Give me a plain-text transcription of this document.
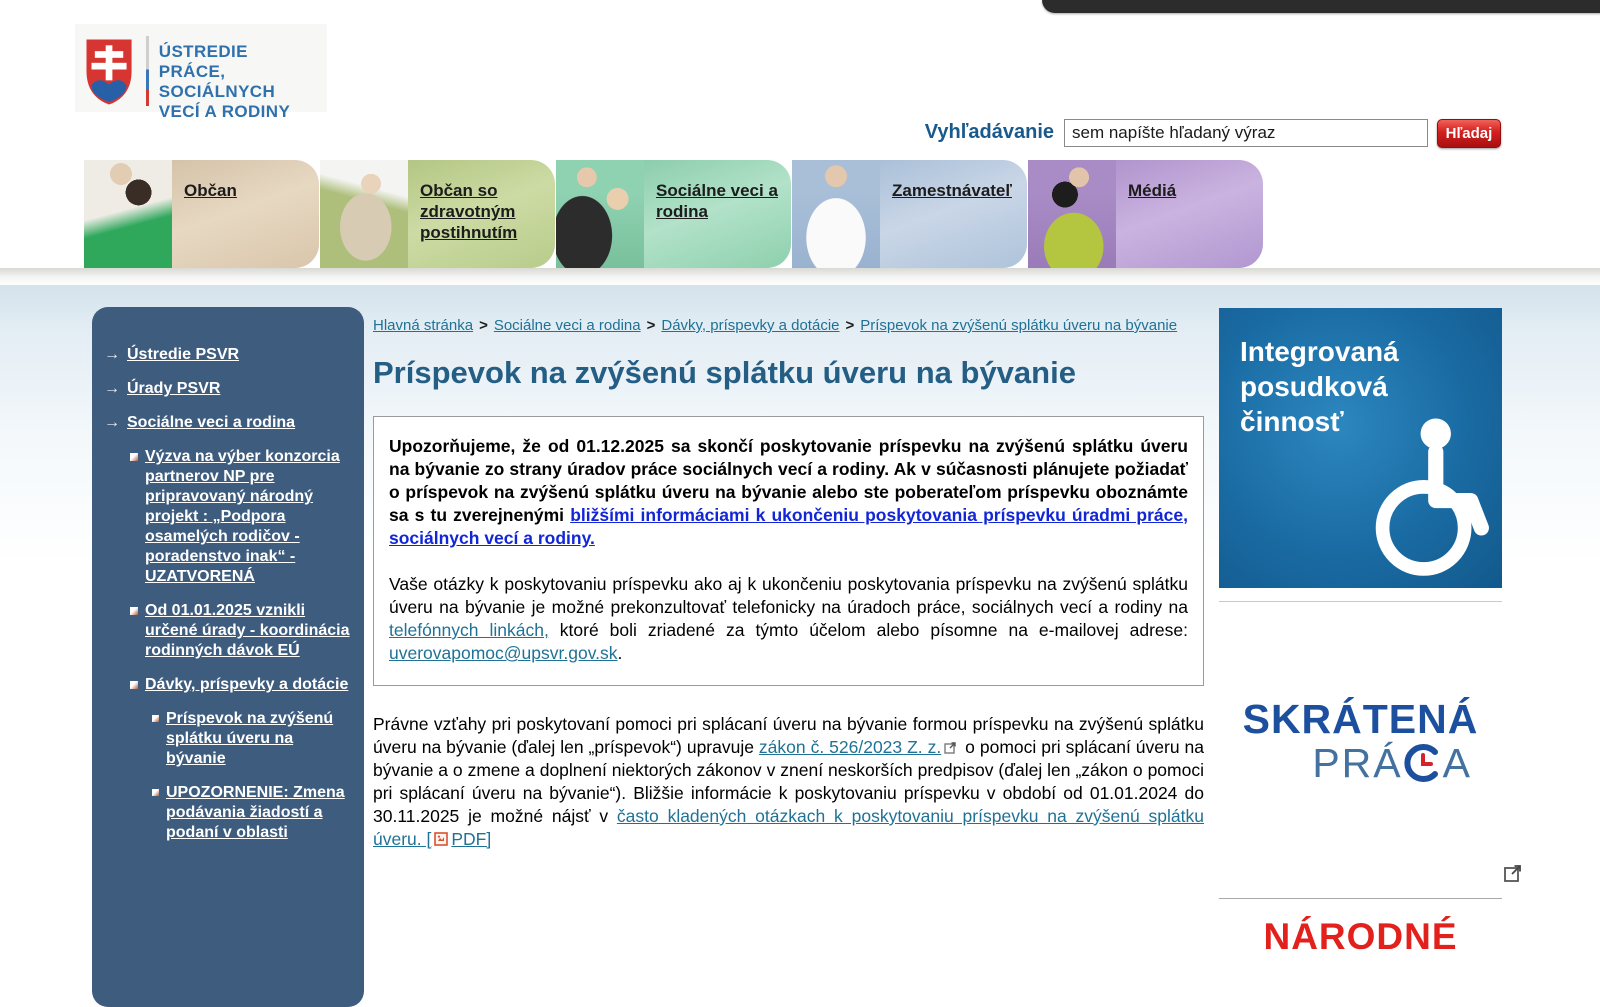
ÚSTREDIE
PRÁCE, SOCIÁLNYCH
VECÍ A RODINY
Vyhľadávanie
sem napíšte hľadaný výraz	Hľadaj
Občan	Občan so zdravotným postihnutím
Sociálne veci a rodina
Zamestnávateľ	Médiá
→ Ústredie PSVR
→ Úrady PSVR
→ Sociálne veci a rodina
Výzva na výber konzorcia partnerov NP pre pripravovaný národný projekt : „Podpora osamelých rodičov - poradenstvo inak“ - UZATVORENÁ
Od 01.01.2025 vznikli určené úrady - koordinácia rodinných dávok EÚ
Dávky, príspevky a dotácie
Príspevok na zvýšenú splátku úveru na bývanie
UPOZORNENIE: Zmena podávania žiadostí a podaní v oblasti
Hlavná stránka > Sociálne veci a rodina > Dávky, príspevky a dotácie > Príspevok na zvýšenú splátku úveru na bývanie
Príspevok na zvýšenú splátku úveru na bývanie

Upozorňujeme, že od 01.12.2025 sa skončí poskytovanie príspevku na zvýšenú splátku úveru na bývanie zo strany úradov práce sociálnych vecí a rodiny. Ak v súčasnosti plánujete požiadať o príspevok na zvýšenú splátku úveru na bývanie alebo ste poberateľom príspevku oboznámte sa s tu zverejnenými bližšími informáciami k ukončeniu poskytovania príspevku úradmi práce, sociálnych vecí a rodiny.

Vaše otázky k poskytovaniu príspevku ako aj k ukončeniu poskytovania príspevku na zvýšenú splátku úveru na bývanie je možné prekonzultovať telefonicky na úradoch práce, sociálnych vecí a rodiny na telefónnych linkách, ktoré boli zriadené za týmto účelom alebo písomne na e-mailovej adrese: uverovapomoc@upsvr.gov.sk.

Právne vzťahy pri poskytovaní pomoci pri splácaní úveru na bývanie formou príspevku na zvýšenú splátku úveru na bývanie (ďalej len „príspevok“) upravuje zákon č. 526/2023 Z. z. o pomoci pri splácaní úveru na bývanie a o zmene a doplnení niektorých zákonov v znení neskorších predpisov (ďalej len „zákon o pomoci pri splácaní úveru na bývanie“). Bližšie informácie k poskytovaniu príspevku v období od 01.01.2024 do 30.11.2025 je možné nájsť v často kladených otázkach k poskytovaniu príspevku na zvýšenú splátku úveru. [ PDF]

Integrovaná
posudková
činnosť
SKRÁTENÁ
PRÁ A
NÁRODNÉ
